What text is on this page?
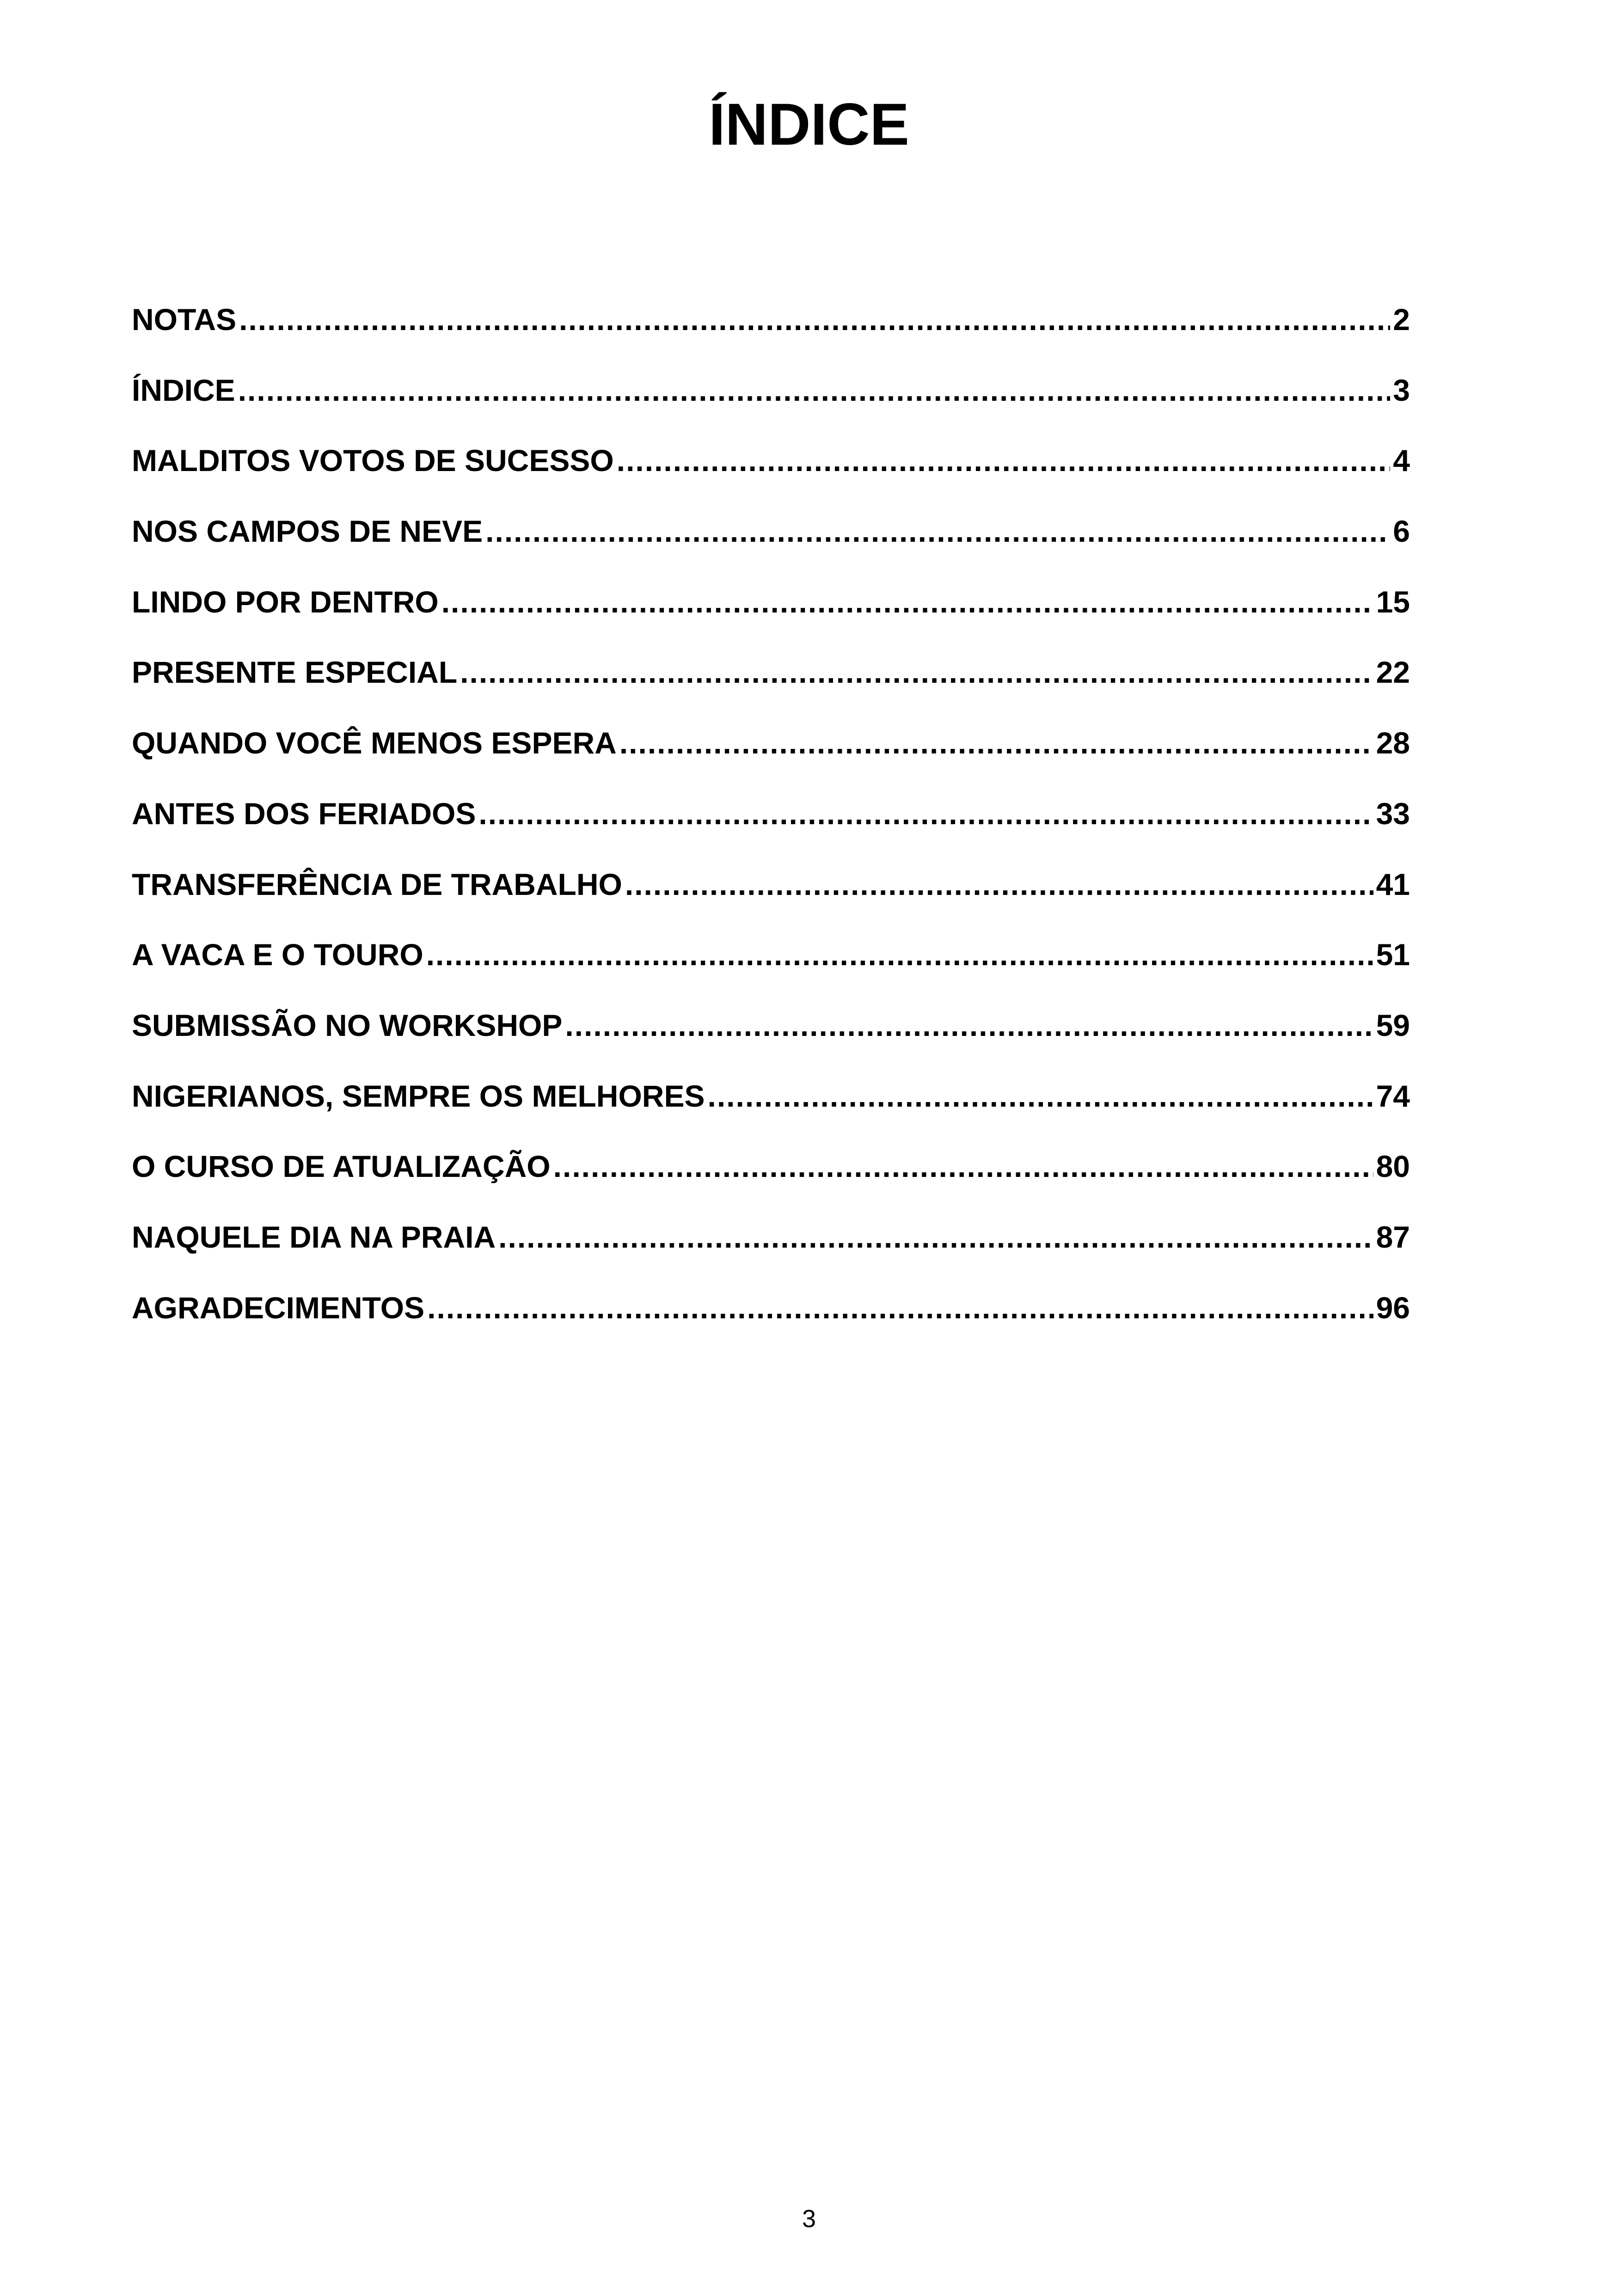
ÍNDICE
NOTAS .....	2
ÍNDICE .....	3
MALDITOS VOTOS DE SUCESSO .....	4
NOS CAMPOS DE NEVE .....	6
LINDO POR DENTRO .....	15
PRESENTE ESPECIAL .....	22
QUANDO VOCÊ MENOS ESPERA .....	28
ANTES DOS FERIADOS .....	33
TRANSFERÊNCIA DE TRABALHO .....	41
A VACA E O TOURO .....	51
SUBMISSÃO NO WORKSHOP .....	59
NIGERIANOS, SEMPRE OS MELHORES .....	74
O CURSO DE ATUALIZAÇÃO .....	80
NAQUELE DIA NA PRAIA .....	87
AGRADECIMENTOS .....	96
3
